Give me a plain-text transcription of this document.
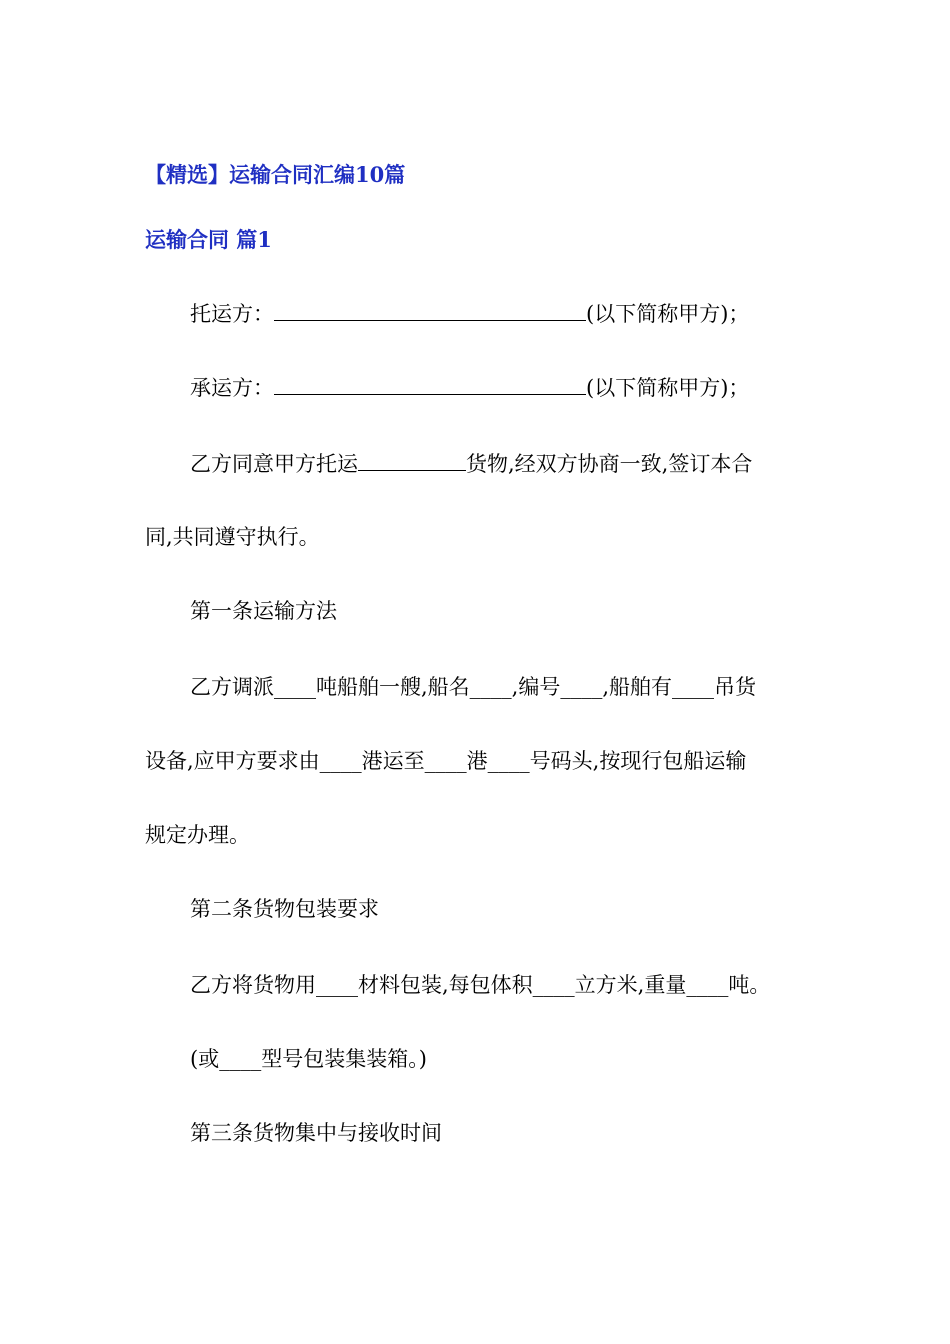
【精选】运输合同汇编10篇
运输合同 篇1
托运方：	(以下简称甲方)；
承运方：	(以下简称甲方)；
乙方同意甲方托运	货物,经双方协商一致,签订本合
同,共同遵守执行。
第一条运输方法
乙方调派____吨船舶一艘,船名____,编号____,船舶有____吊货
设备,应甲方要求由____港运至____港____号码头,按现行包船运输
规定办理。
第二条货物包装要求
乙方将货物用____材料包装,每包体积____立方米,重量____吨。
(或____型号包装集装箱。)
第三条货物集中与接收时间
